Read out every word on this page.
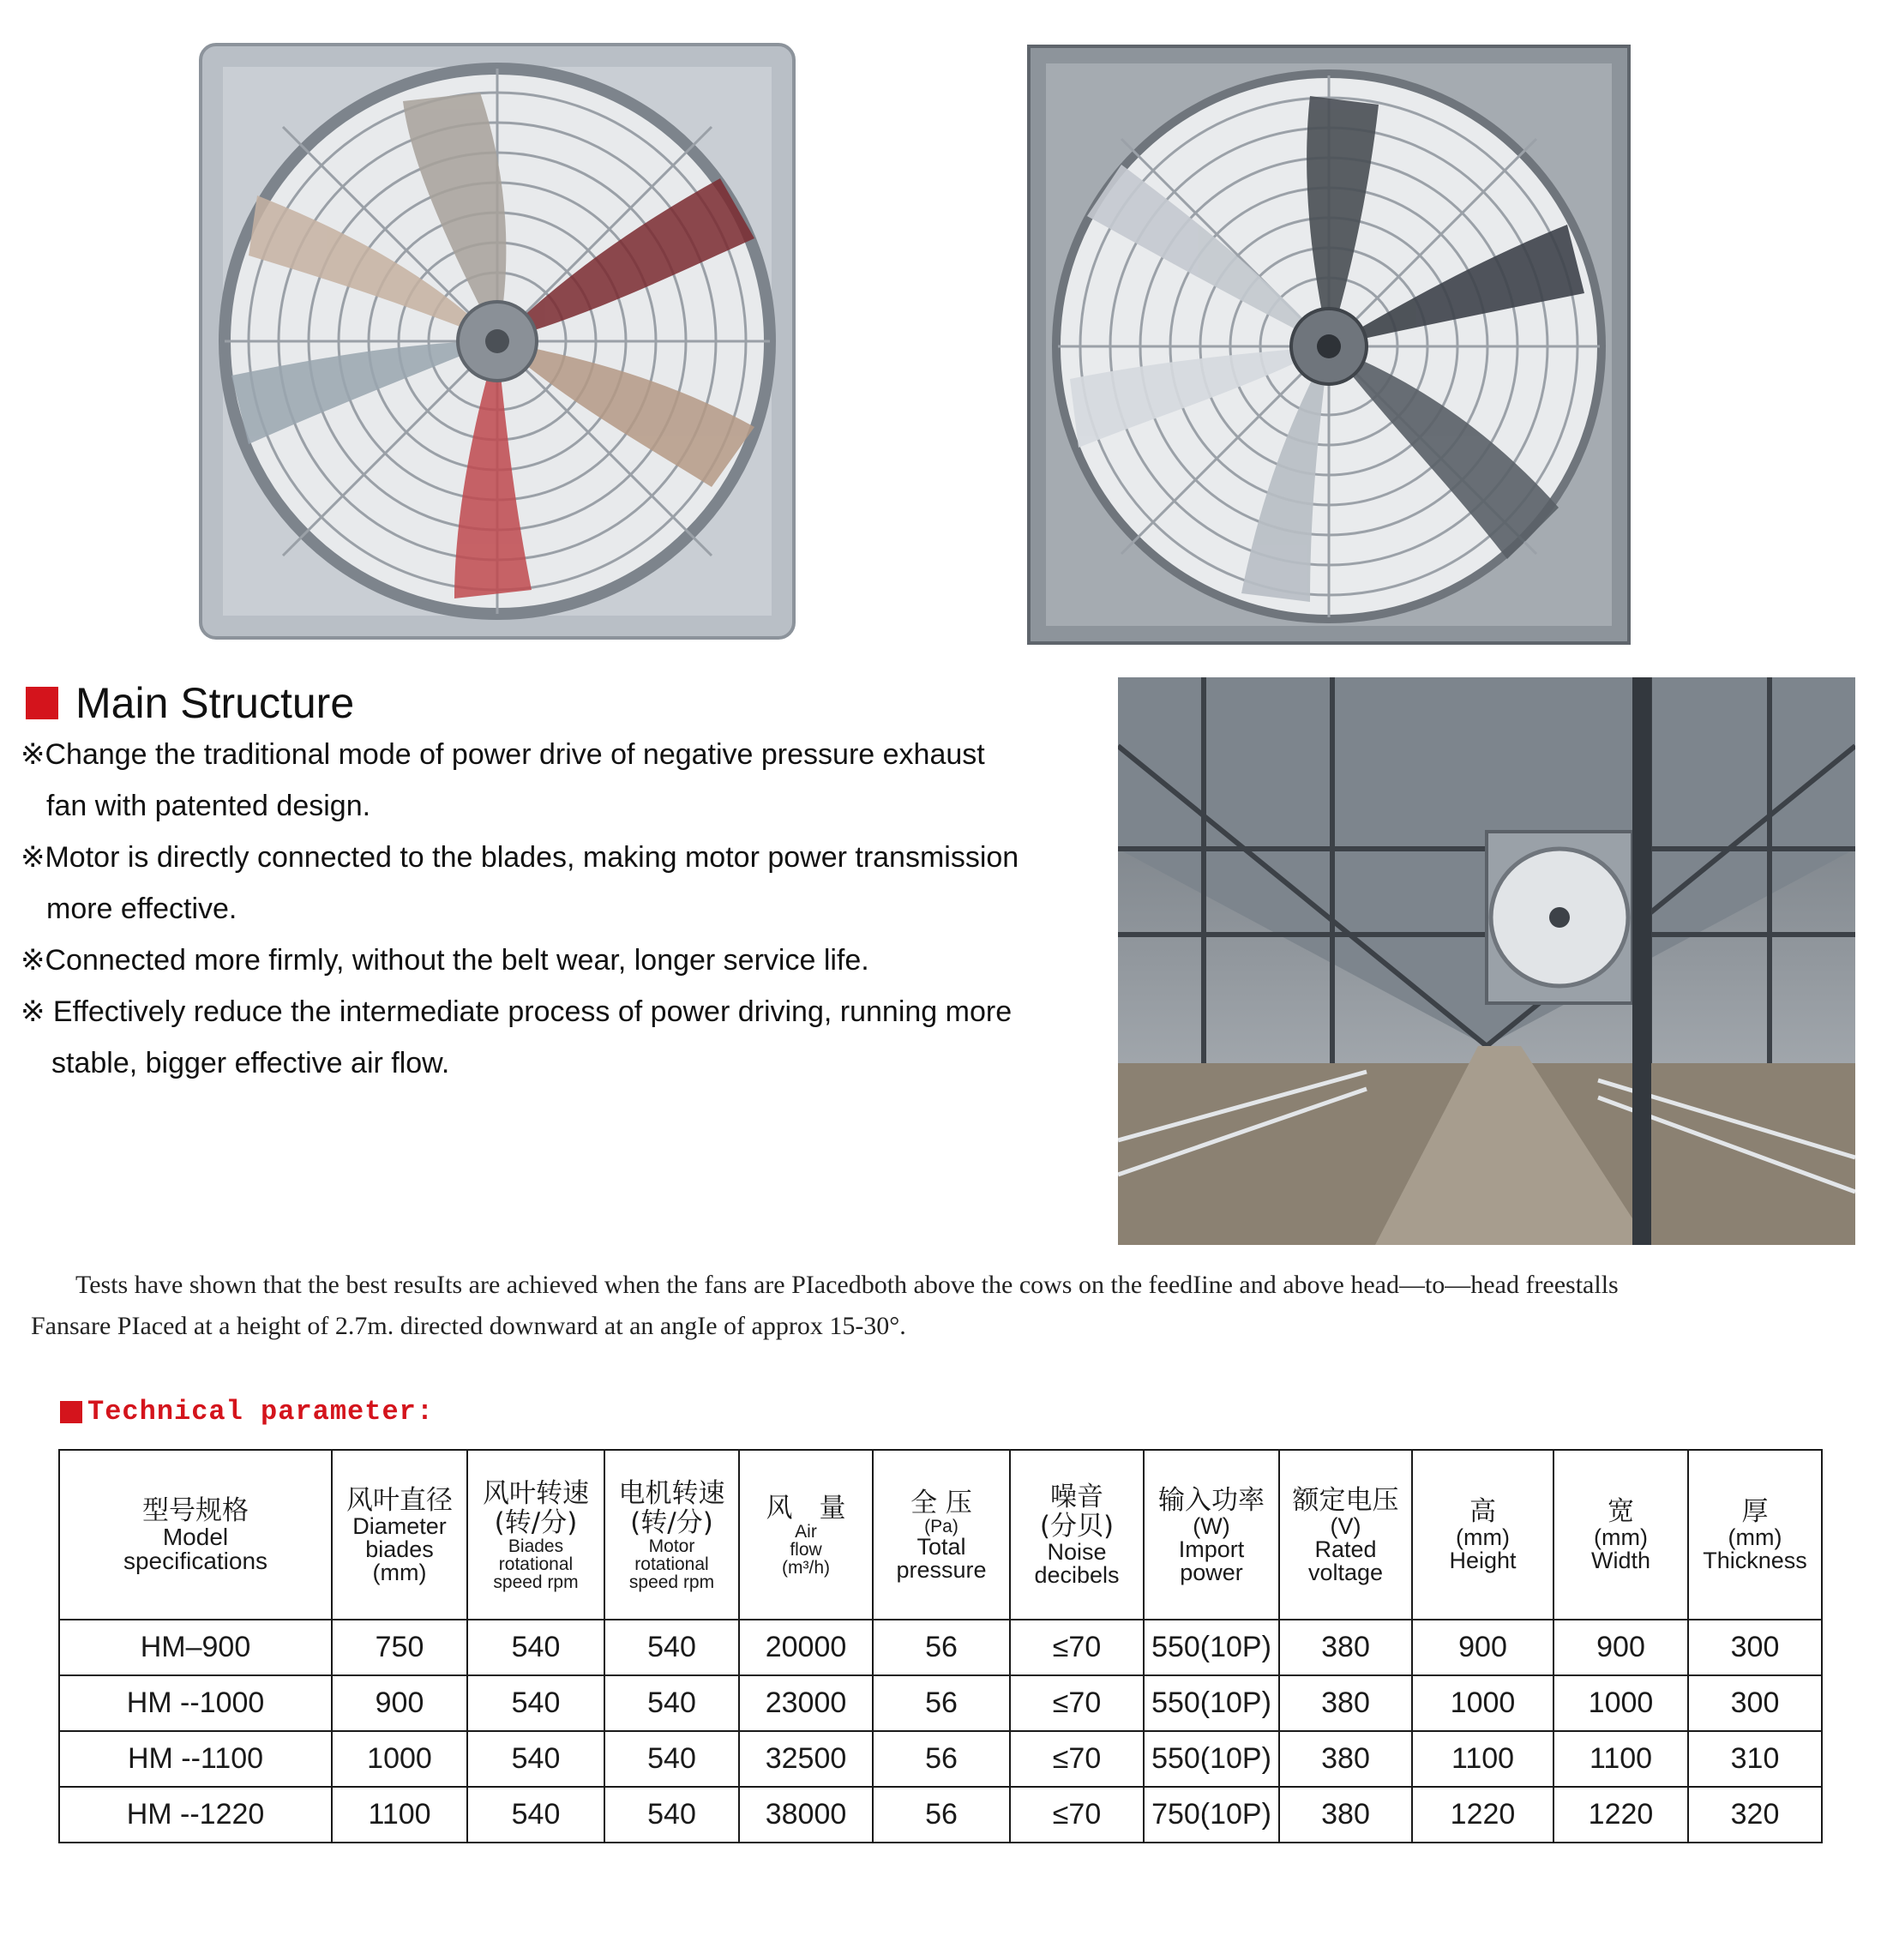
Main Structure
※Change the traditional mode of power drive of negative pressure exhaust
fan with patented design.
※Motor is directly connected to the blades, making motor power transmission
more effective.
※Connected more firmly, without the belt wear, longer service life.
※ Effectively reduce the intermediate process of power driving, running more
stable, bigger effective air flow.
Tests have shown that the best resuIts are achieved when the fans are PIacedboth above the cows on the feedIine and above head—to—head freestalls
Fansare PIaced at a height of 2.7m. directed downward at an angIe of approx 15-30°.
Technical parameter:
型号规格
Model
specifications	风叶直径
Diameter
biades
(mm)	风叶转速
(转/分)
Biades
rotational
speed rpm	电机转速
(转/分)
Motor
rotational
speed rpm	风　量
Air
flow
(m³/h)	全 压
(Pa)
Total
pressure	噪音
(分贝)
Noise
decibels	输入功率
(W)
Import
power	额定电压
(V)
Rated
voltage	高
(mm)
Height	宽
(mm)
Width	厚
(mm)
Thickness

HM–900	750	540	540	20000	56	≤70	550(10P)	380	900	900	300
HM --1000	900	540	540	23000	56	≤70	550(10P)	380	1000	1000	300
HM --1100	1000	540	540	32500	56	≤70	550(10P)	380	1100	1100	310
HM --1220	1100	540	540	38000	56	≤70	750(10P)	380	1220	1220	320
